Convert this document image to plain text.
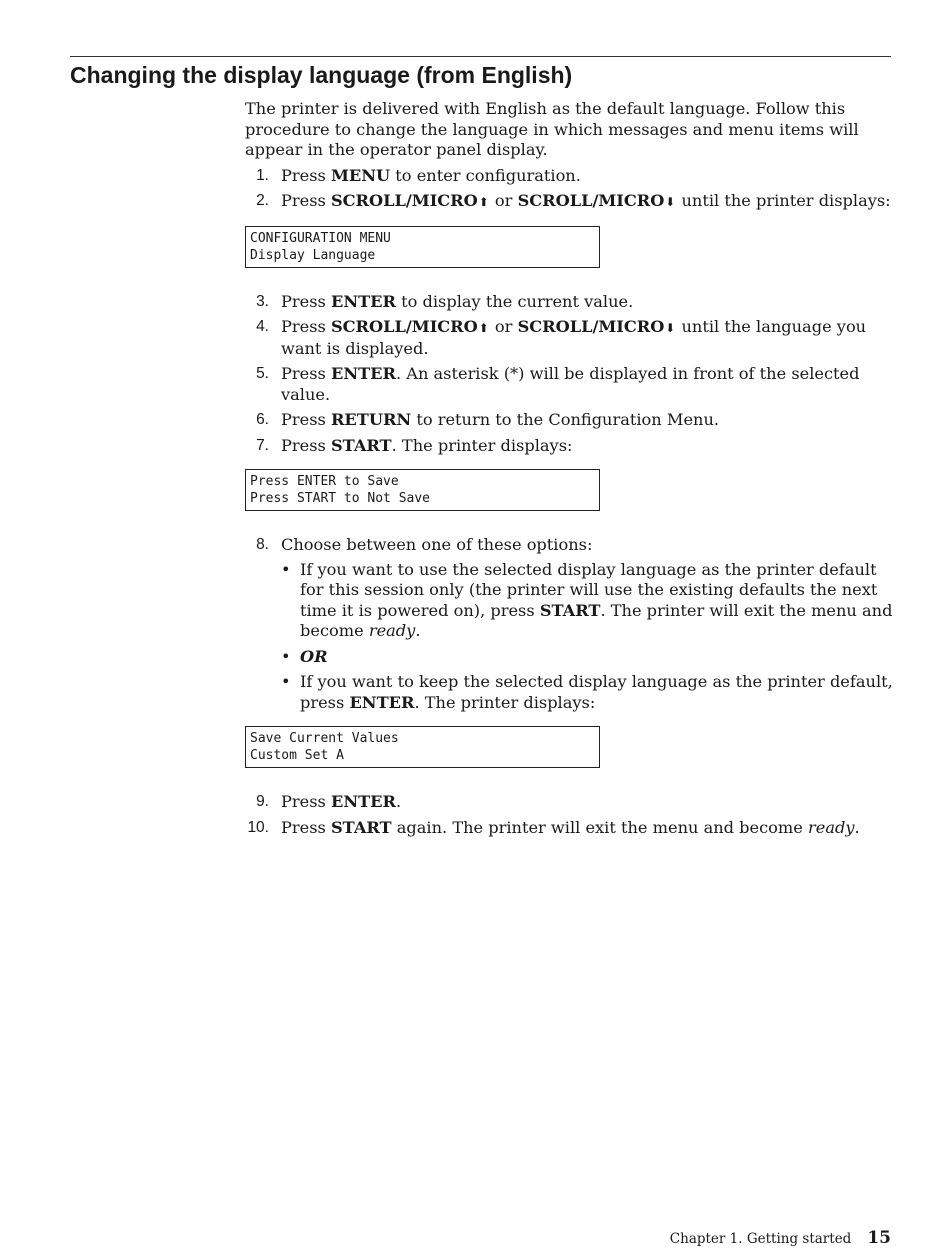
Changing the display language (from English)

The printer is delivered with English as the default language. Follow this procedure to change the language in which messages and menu items will appear in the operator panel display.

1. Press MENU to enter configuration.
2. Press SCROLL/MICRO⬆ or SCROLL/MICRO⬇ until the printer displays:
CONFIGURATION MENU
Display Language
3. Press ENTER to display the current value.
4. Press SCROLL/MICRO⬆ or SCROLL/MICRO⬇ until the language you want is displayed.
5. Press ENTER. An asterisk (*) will be displayed in front of the selected value.
6. Press RETURN to return to the Configuration Menu.
7. Press START. The printer displays:
Press ENTER to Save
Press START to Not Save
8. Choose between one of these options:
• If you want to use the selected display language as the printer default for this session only (the printer will use the existing defaults the next time it is powered on), press START. The printer will exit the menu and become ready.
• OR
• If you want to keep the selected display language as the printer default, press ENTER. The printer displays:
Save Current Values
Custom Set A
9. Press ENTER.
10. Press START again. The printer will exit the menu and become ready.
Chapter 1. Getting started 15
